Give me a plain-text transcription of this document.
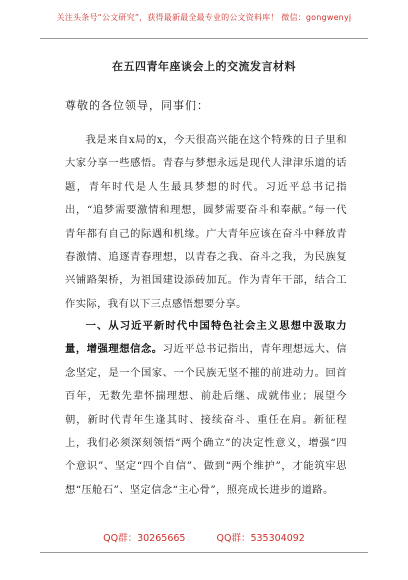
关注头条号“公文研究”，获得最新最全最专业的公文资料库！ 微信：gongwenyj
在五四青年座谈会上的交流发言材料
尊敬的各位领导，同事们：

我是来自x局的x，今天很高兴能在这个特殊的日子里和大家分享一些感悟。青春与梦想永远是现代人津津乐道的话题，青年时代是人生最具梦想的时代。习近平总书记指出，“追梦需要激情和理想，圆梦需要奋斗和奉献。”每一代青年都有自己的际遇和机缘。广大青年应该在奋斗中释放青春激情、追逐青春理想，以青春之我、奋斗之我，为民族复兴铺路架桥，为祖国建设添砖加瓦。作为青年干部，结合工作实际，我有以下三点感悟想要分享。

一、从习近平新时代中国特色社会主义思想中汲取力量，增强理想信念。习近平总书记指出，青年理想远大、信念坚定，是一个国家、一个民族无坚不摧的前进动力。回首百年，无数先辈怀揣理想、前赴后继、成就伟业；展望今朝，新时代青年生逢其时、接续奋斗、重任在肩。新征程上，我们必须深刻领悟“两个确立”的决定性意义，增强“四个意识”、坚定“四个自信”、做到“两个维护”，才能筑牢思想“压舱石”、坚定信念“主心骨”，照亮成长进步的道路。

QQ群：30265665	QQ群：535304092
